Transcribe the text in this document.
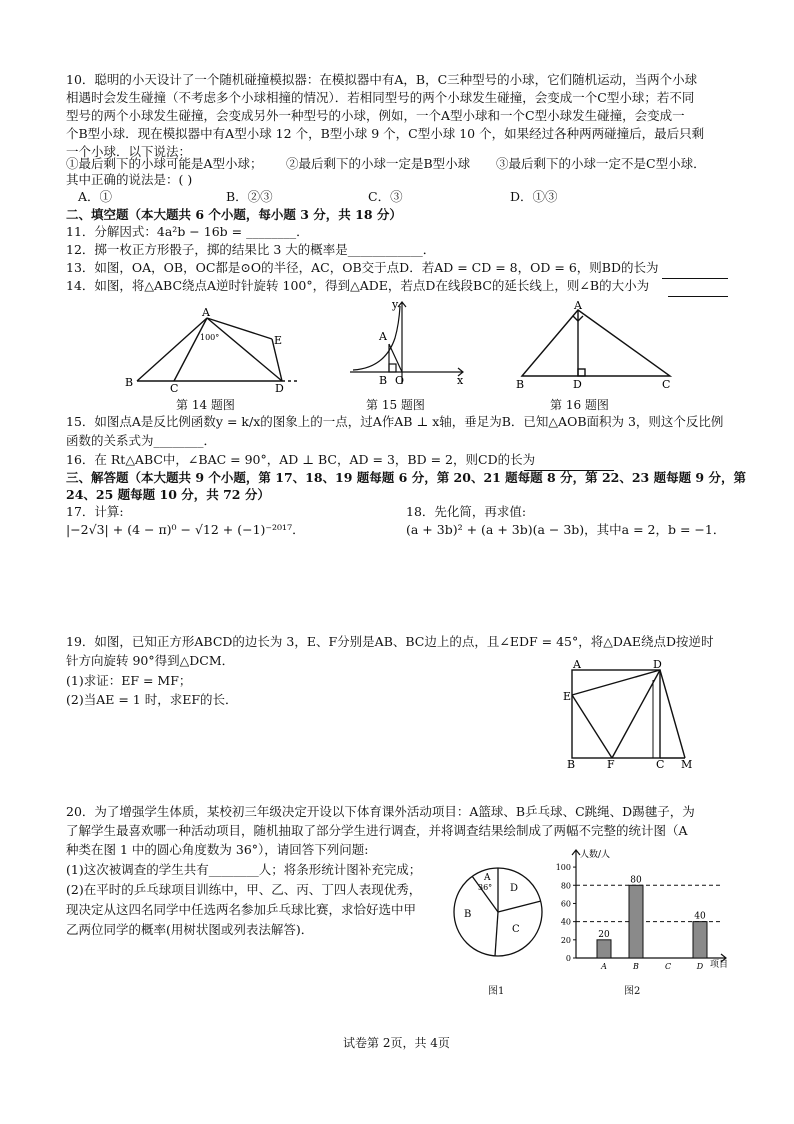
10．聪明的小天设计了一个随机碰撞模拟器：在模拟器中有A，B，C三种型号的小球，它们随机运动，当两个小球
相遇时会发生碰撞（不考虑多个小球相撞的情况）．若相同型号的两个小球发生碰撞，会变成一个C型小球；若不同
型号的两个小球发生碰撞，会变成另外一种型号的小球，例如，一个A型小球和一个C型小球发生碰撞，会变成一
个B型小球．现在模拟器中有A型小球 12 个，B型小球 9 个，C型小球 10 个，如果经过各种两两碰撞后，最后只剩
一个小球．以下说法：
①最后剩下的小球可能是A型小球； ②最后剩下的小球一定是B型小球 ③最后剩下的小球一定不是C型小球．
其中正确的说法是：( )
A．①	B．②③	C．③	D．①③
二、填空题（本大题共 6 个小题，每小题 3 分，共 18 分）
11．分解因式：4a²b − 16b = ________．
12．掷一枚正方形骰子，掷的结果比 3 大的概率是____________．
13．如图，OA，OB，OC都是⊙O的半径，AC，OB交于点D．若AD = CD = 8，OD = 6，则BD的长为
14．如图，将△ABC绕点A逆时针旋转 100°，得到△ADE，若点D在线段BC的延长线上，则∠B的大小为
A
B	C	D
E
100°
第 14 题图
y
A
B O	x
第 15 题图
A
B	D	C
第 16 题图
15．如图点A是反比例函数y = k/x的图象上的一点，过A作AB ⊥ x轴，垂足为B．已知△AOB面积为 3，则这个反比例
函数的关系式为________．
16．在 Rt△ABC中，∠BAC = 90°，AD ⊥ BC，AD = 3，BD = 2，则CD的长为
三、解答题（本大题共 9 个小题，第 17、18、19 题每题 6 分，第 20、21 题每题 8 分，第 22、23 题每题 9 分，第
24、25 题每题 10 分，共 72 分）
17．计算:
|−2√3| + (4 − π)⁰ − √12 + (−1)⁻²⁰¹⁷．
18．先化简，再求值:
(a + 3b)² + (a + 3b)(a − 3b)，其中a = 2，b = −1．
19．如图，已知正方形ABCD的边长为 3，E、F分别是AB、BC边上的点，且∠EDF = 45°，将△DAE绕点D按逆时
针方向旋转 90°得到△DCM．
(1)求证：EF = MF；
(2)当AE = 1 时，求EF的长．
A	D
E
B	F	C M
20．为了增强学生体质，某校初三年级决定开设以下体育课外活动项目：A篮球、B乒乓球、C跳绳、D踢毽子，为
了解学生最喜欢哪一种活动项目，随机抽取了部分学生进行调查，并将调查结果绘制成了两幅不完整的统计图（A
种类在图 1 中的圆心角度数为 36°），请回答下列问题:
(1)这次被调查的学生共有________人；将条形统计图补充完成；
(2)在平时的乒乓球项目训练中，甲、乙、丙、丁四人表现优秀，
现决定从这四名同学中任选两名参加乒乓球比赛，求恰好选中甲
乙两位同学的概率(用树状图或列表法解答)．
A
36°
B
C
D
图1
人数/人
项目
0
20
40
60
80
100
20
A
80
B	C
40
D
图2
试卷第 2页，共 4页
